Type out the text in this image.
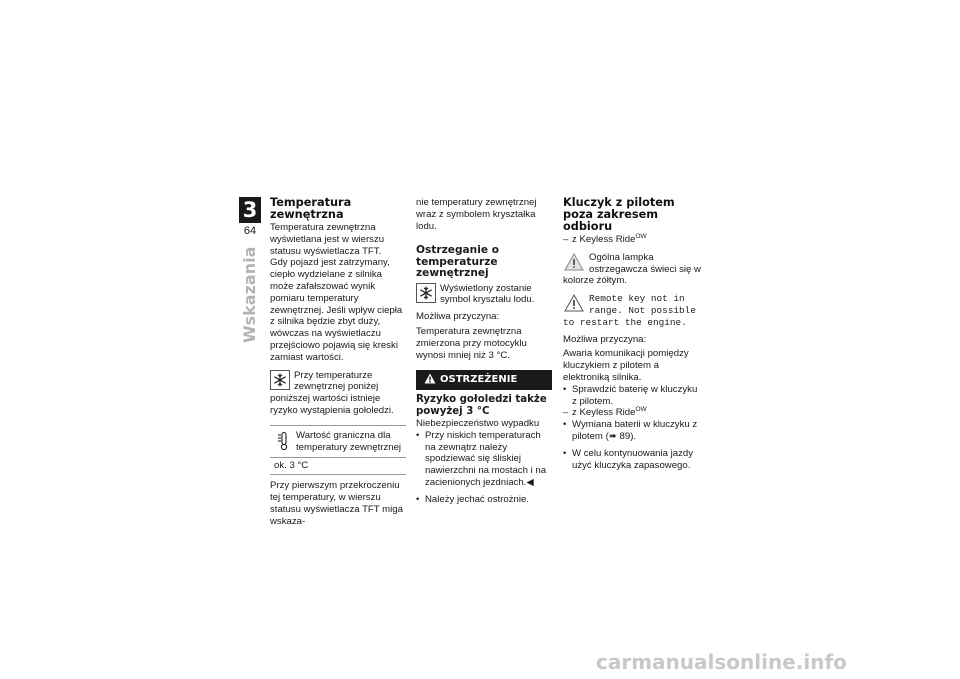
3
64
Wskazania
Temperatura zewnętrzna

Temperatura zewnętrzna wyświetlana jest w wierszu statusu wyświetlacza TFT.

Gdy pojazd jest zatrzymany, ciepło wydzielane z silnika może zafałszować wynik pomiaru temperatury zewnętrznej. Jeśli wpływ ciepła z silnika będzie zbyt duży, wówczas na wyświetlaczu przejściowo pojawią się kreski zamiast wartości.

Przy temperaturze zewnętrznej poniżej poniższej wartości istnieje ryzyko wystąpienia gołoledzi.
Wartość graniczna dla temperatury zewnętrznej
ok. 3 °C

Przy pierwszym przekroczeniu tej temperatury, w wierszu statusu wyświetlacza TFT miga wskaza-

nie temperatury zewnętrznej wraz z symbolem kryształka lodu.

Ostrzeganie o temperaturze zewnętrznej
Wyświetlony zostanie symbol kryształu lodu.

Możliwa przyczyna:

Temperatura zewnętrzna zmierzona przy motocyklu wynosi mniej niż 3 °C.

OSTRZEŻENIE

Ryzyko gołoledzi także powyżej 3 °C

Niebezpieczeństwo wypadku

• Przy niskich temperaturach na zewnątrz należy spodziewać się śliskiej nawierzchni na mostach i na zacienionych jezdniach.◀
• Należy jechać ostrożnie.
Kluczyk z pilotem poza zakresem odbioru
– z Keyless Ride$^{OW}$
Ogólna lampka ostrzegawcza świeci się w kolorze żółtym.
Remote key not in range. Not possible to restart the engine.

Możliwa przyczyna:

Awaria komunikacji pomiędzy kluczykiem z pilotem a elektroniką silnika.

• Sprawdzić baterię w kluczyku z pilotem.
– z Keyless Ride$^{OW}$
• Wymiana baterii w kluczyku z pilotem (➠ 89).
• W celu kontynuowania jazdy użyć kluczyka zapasowego.
carmanualsonline.info
